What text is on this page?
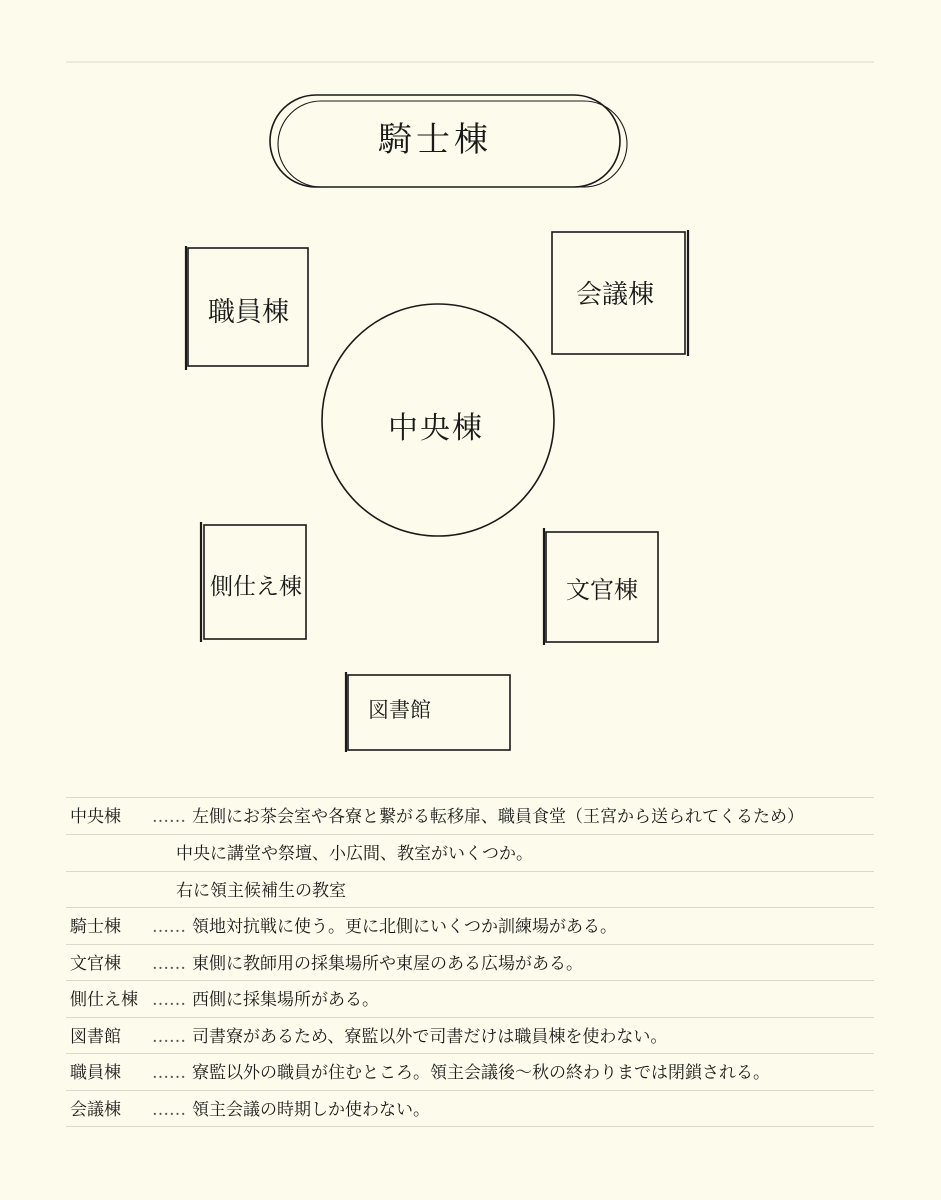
騎士棟
職員棟
会議棟
中央棟
側仕え棟	文官棟
図書館
中央棟 …… 左側にお茶会室や各寮と繋がる転移扉、職員食堂（王宮から送られてくるため）
中央に講堂や祭壇、小広間、教室がいくつか。
右に領主候補生の教室
騎士棟 …… 領地対抗戦に使う。更に北側にいくつか訓練場がある。
文官棟 …… 東側に教師用の採集場所や東屋のある広場がある。
側仕え棟 …… 西側に採集場所がある。
図書館 …… 司書寮があるため、寮監以外で司書だけは職員棟を使わない。
職員棟 …… 寮監以外の職員が住むところ。領主会議後～秋の終わりまでは閉鎖される。
会議棟 …… 領主会議の時期しか使わない。
